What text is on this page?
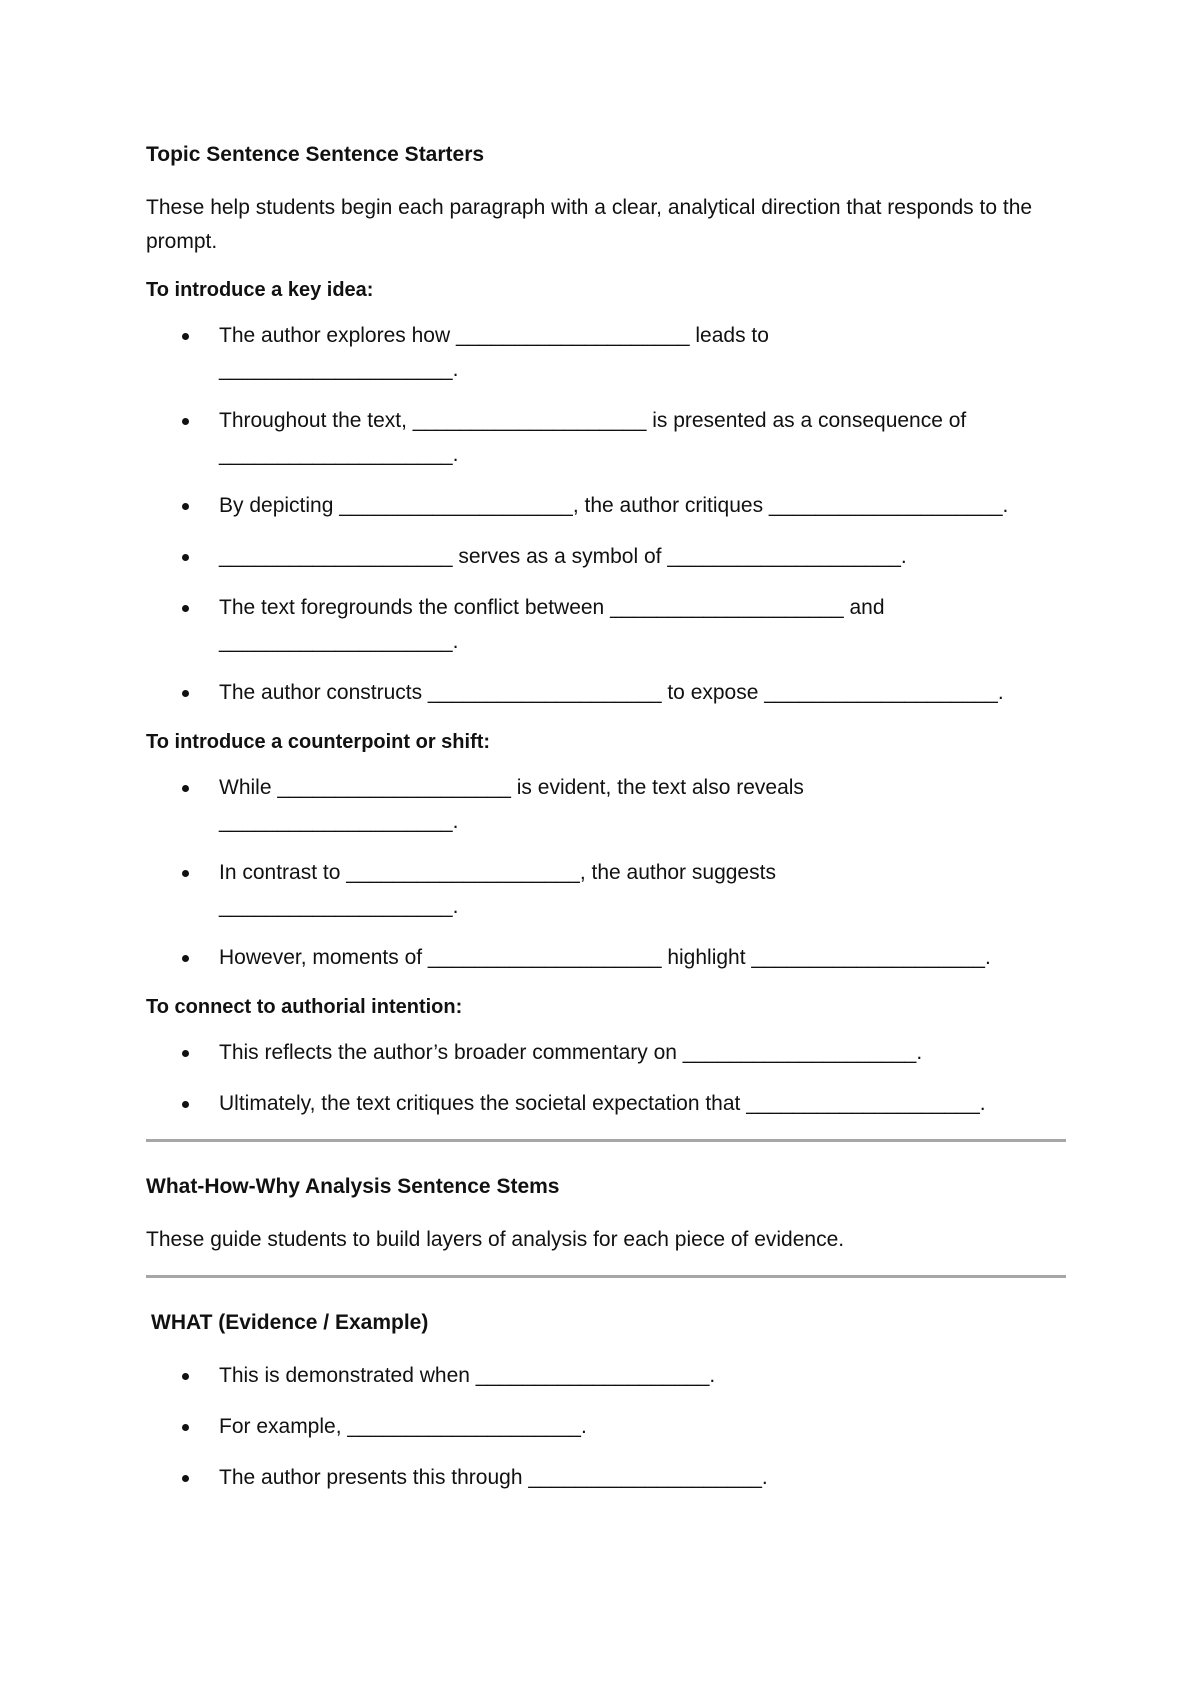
Topic Sentence Sentence Starters

These help students begin each paragraph with a clear, analytical direction that responds to the prompt.

To introduce a key idea:
The author explores how ____________________ leads to ____________________.
Throughout the text, ____________________ is presented as a consequence of ____________________.
By depicting ____________________, the author critiques ____________________.
____________________ serves as a symbol of ____________________.
The text foregrounds the conflict between ____________________ and ____________________.
The author constructs ____________________ to expose ____________________.
To introduce a counterpoint or shift:
While ____________________ is evident, the text also reveals ____________________.
In contrast to ____________________, the author suggests ____________________.
However, moments of ____________________ highlight ____________________.
To connect to authorial intention:
This reflects the author’s broader commentary on ____________________.
Ultimately, the text critiques the societal expectation that ____________________.
What-How-Why Analysis Sentence Stems

These guide students to build layers of analysis for each piece of evidence.

WHAT (Evidence / Example)
This is demonstrated when ____________________.
For example, ____________________.
The author presents this through ____________________.
